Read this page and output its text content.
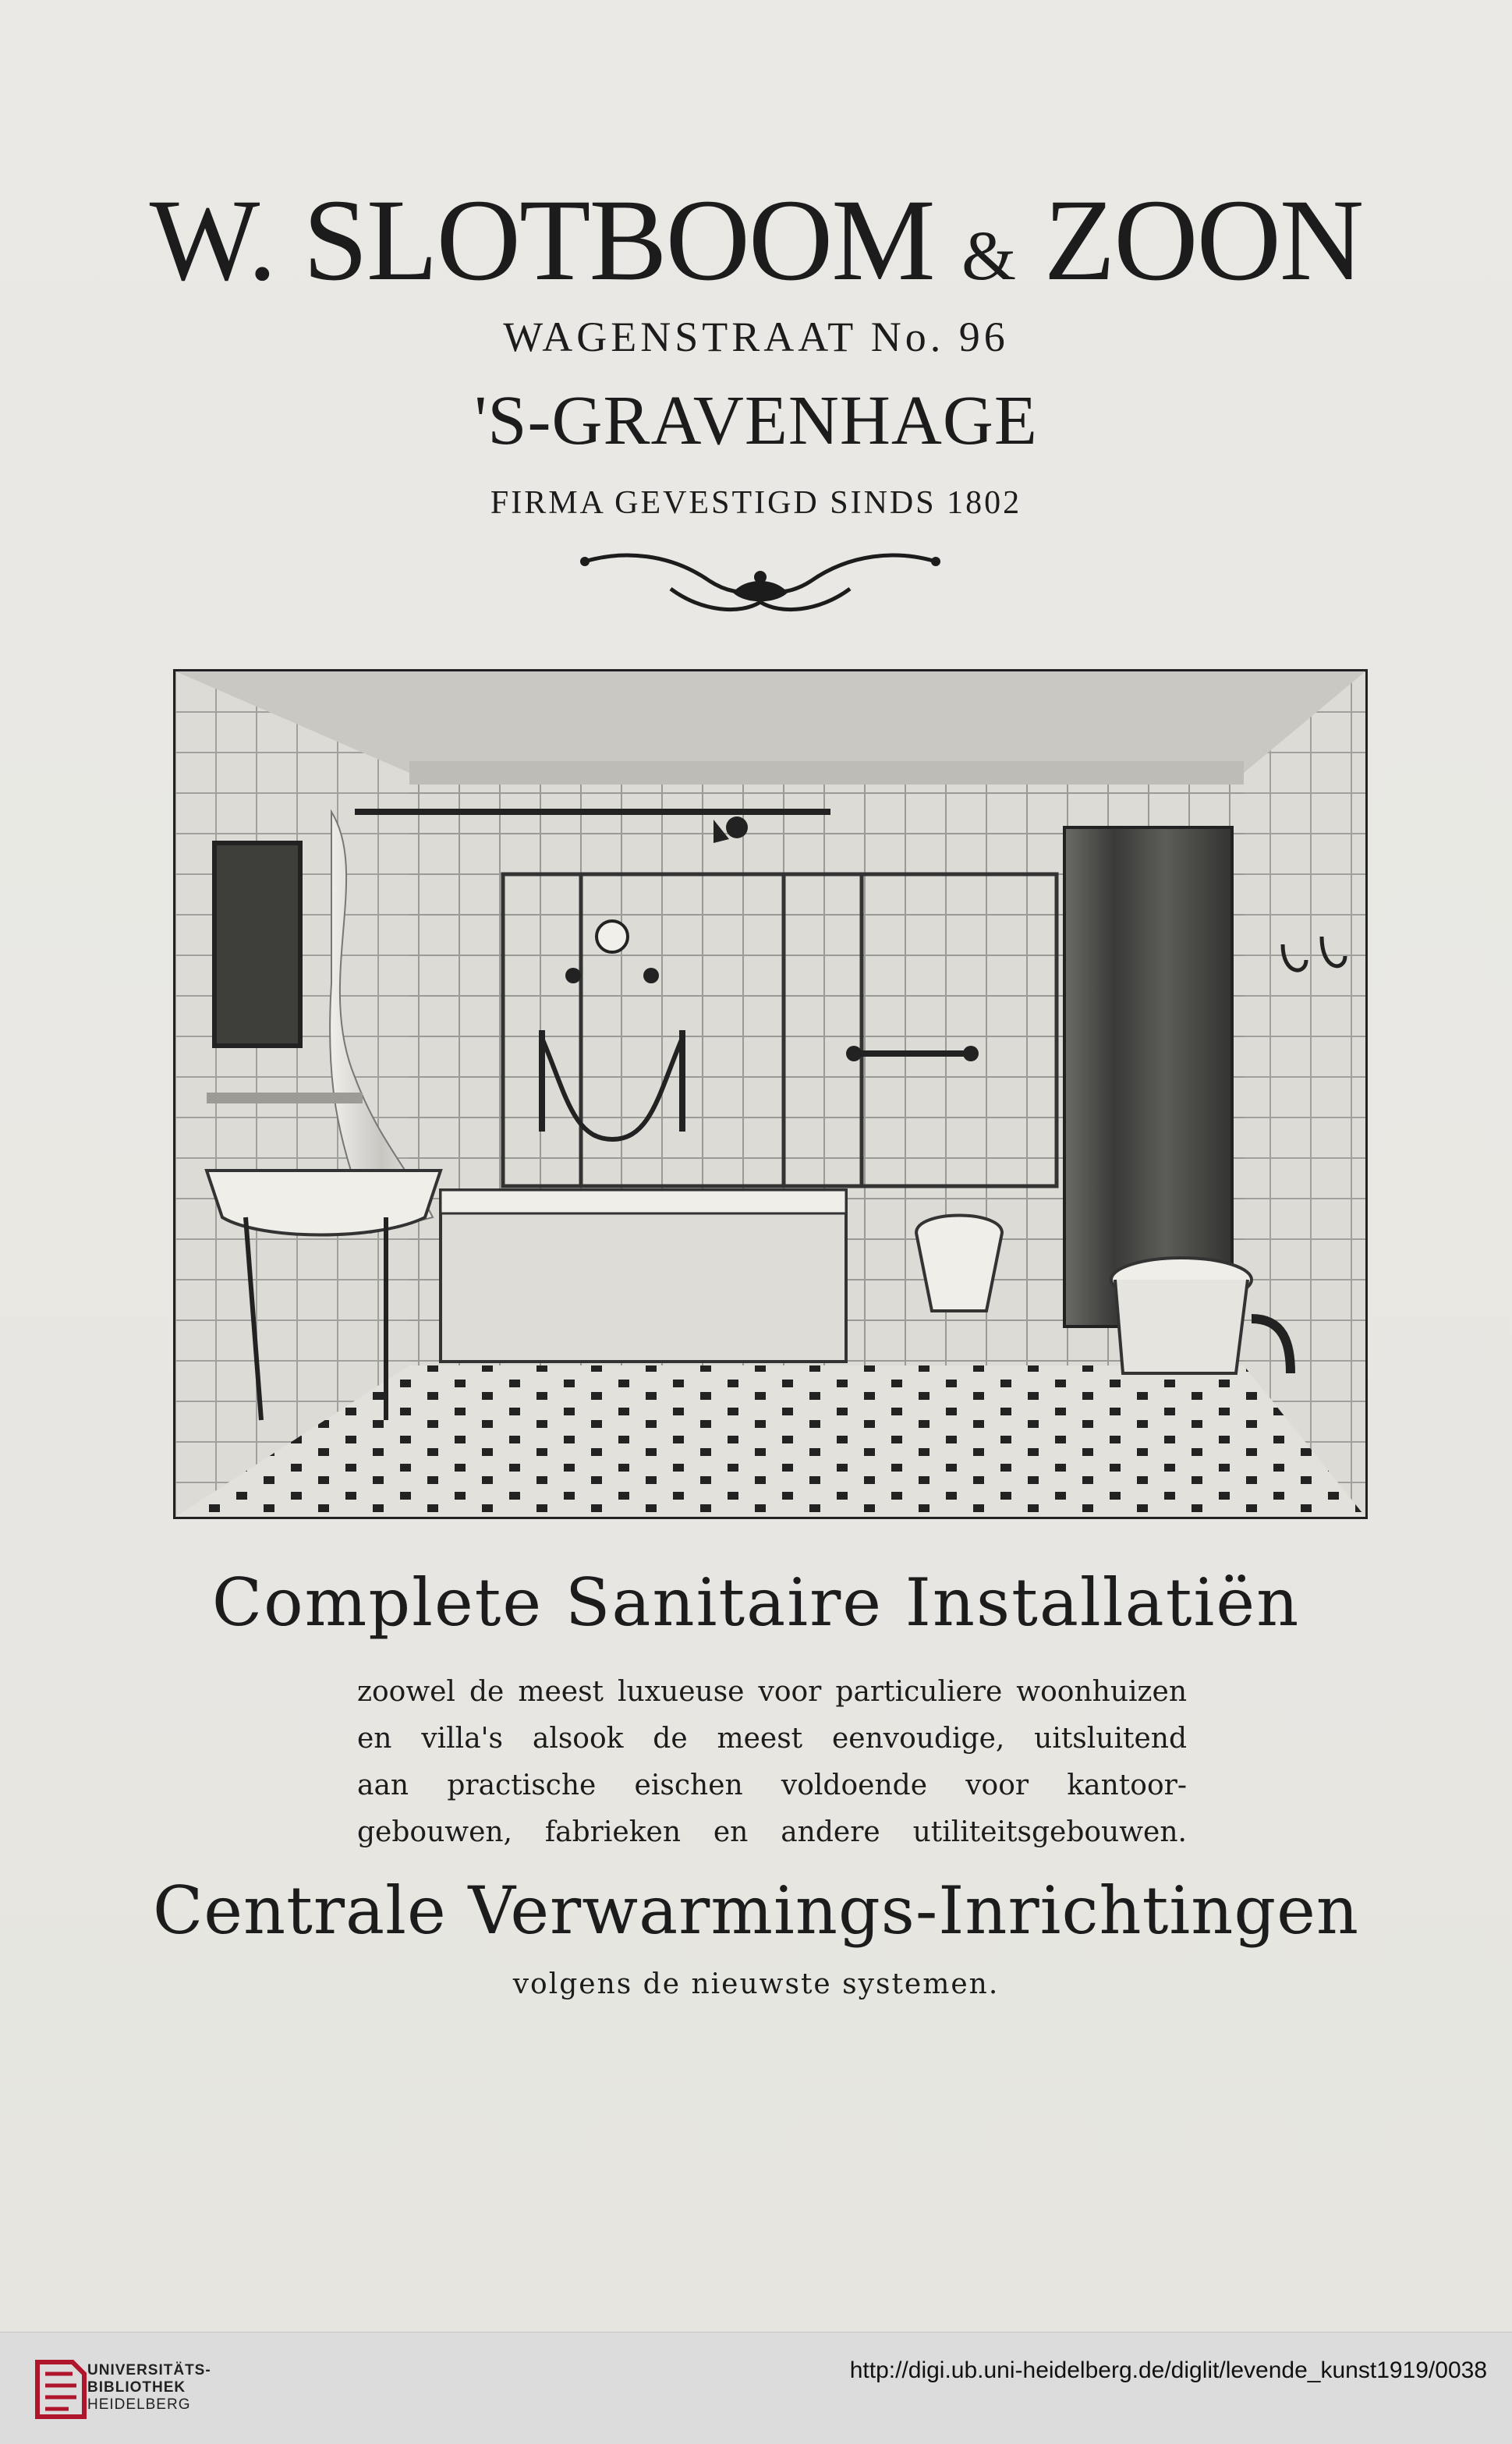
W. SLOTBOOM & ZOON
WAGENSTRAAT No. 96
'S-GRAVENHAGE
FIRMA GEVESTIGD SINDS 1802
Complete Sanitaire Installatiën
zoowel de meest luxueuse voor particuliere woonhuizen
en villa's alsook de meest eenvoudige, uitsluitend
aan practische eischen voldoende voor kantoor-
gebouwen, fabrieken en andere utiliteitsgebouwen.
Centrale Verwarmings-Inrichtingen
volgens de nieuwste systemen.
UNIVERSITÄTS-
BIBLIOTHEK
HEIDELBERG
http://digi.ub.uni-heidelberg.de/diglit/levende_kunst1919/0038
